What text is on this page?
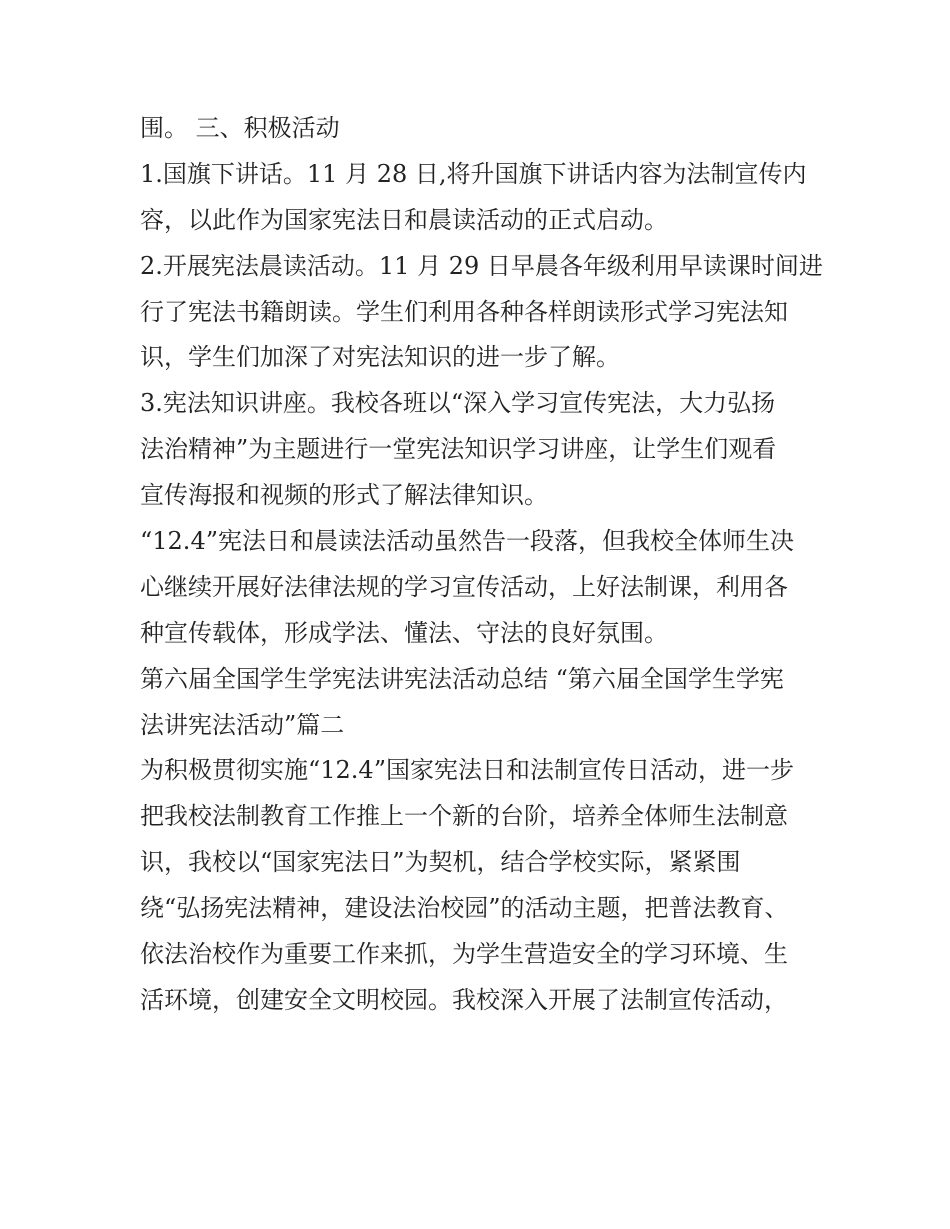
围。 三、积极活动
1.国旗下讲话。11 月 28 日,将升国旗下讲话内容为法制宣传内
容，以此作为国家宪法日和晨读活动的正式启动。
2.开展宪法晨读活动。11 月 29 日早晨各年级利用早读课时间进
行了宪法书籍朗读。学生们利用各种各样朗读形式学习宪法知
识，学生们加深了对宪法知识的进一步了解。
3.宪法知识讲座。我校各班以“深入学习宣传宪法，大力弘扬
法治精神”为主题进行一堂宪法知识学习讲座，让学生们观看
宣传海报和视频的形式了解法律知识。
“12.4”宪法日和晨读法活动虽然告一段落，但我校全体师生决
心继续开展好法律法规的学习宣传活动，上好法制课，利用各
种宣传载体，形成学法、懂法、守法的良好氛围。
第六届全国学生学宪法讲宪法活动总结 “第六届全国学生学宪
法讲宪法活动”篇二
为积极贯彻实施“12.4”国家宪法日和法制宣传日活动，进一步
把我校法制教育工作推上一个新的台阶，培养全体师生法制意
识，我校以“国家宪法日”为契机，结合学校实际，紧紧围
绕“弘扬宪法精神，建设法治校园”的活动主题，把普法教育、
依法治校作为重要工作来抓，为学生营造安全的学习环境、生
活环境，创建安全文明校园。我校深入开展了法制宣传活动，
